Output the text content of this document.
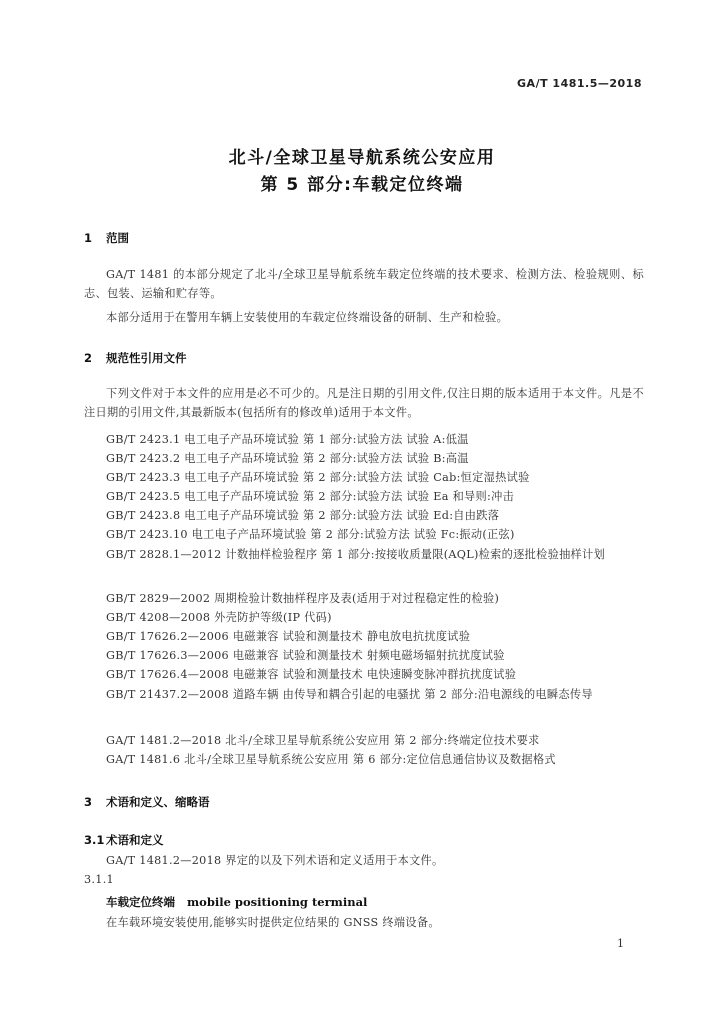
GA/T 1481.5—2018
北斗/全球卫星导航系统公安应用
第 5 部分:车载定位终端
1 范围
GA/T 1481 的本部分规定了北斗/全球卫星导航系统车载定位终端的技术要求、检测方法、检验规则、标志、包装、运输和贮存等。
本部分适用于在警用车辆上安装使用的车载定位终端设备的研制、生产和检验。
2 规范性引用文件
下列文件对于本文件的应用是必不可少的。凡是注日期的引用文件,仅注日期的版本适用于本文件。凡是不注日期的引用文件,其最新版本(包括所有的修改单)适用于本文件。
GB/T 2423.1 电工电子产品环境试验 第 1 部分:试验方法 试验 A:低温
GB/T 2423.2 电工电子产品环境试验 第 2 部分:试验方法 试验 B:高温
GB/T 2423.3 电工电子产品环境试验 第 2 部分:试验方法 试验 Cab:恒定湿热试验
GB/T 2423.5 电工电子产品环境试验 第 2 部分:试验方法 试验 Ea 和导则:冲击
GB/T 2423.8 电工电子产品环境试验 第 2 部分:试验方法 试验 Ed:自由跌落
GB/T 2423.10 电工电子产品环境试验 第 2 部分:试验方法 试验 Fc:振动(正弦)
GB/T 2828.1—2012 计数抽样检验程序 第 1 部分:按接收质量限(AQL)检索的逐批检验抽样计划
GB/T 2829—2002 周期检验计数抽样程序及表(适用于对过程稳定性的检验)
GB/T 4208—2008 外壳防护等级(IP 代码)
GB/T 17626.2—2006 电磁兼容 试验和测量技术 静电放电抗扰度试验
GB/T 17626.3—2006 电磁兼容 试验和测量技术 射频电磁场辐射抗扰度试验
GB/T 17626.4—2008 电磁兼容 试验和测量技术 电快速瞬变脉冲群抗扰度试验
GB/T 21437.2—2008 道路车辆 由传导和耦合引起的电骚扰 第 2 部分:沿电源线的电瞬态传导
GA/T 1481.2—2018 北斗/全球卫星导航系统公安应用 第 2 部分:终端定位技术要求
GA/T 1481.6 北斗/全球卫星导航系统公安应用 第 6 部分:定位信息通信协议及数据格式
3 术语和定义、缩略语
3.1 术语和定义
GA/T 1481.2—2018 界定的以及下列术语和定义适用于本文件。
3.1.1
车载定位终端 mobile positioning terminal
在车载环境安装使用,能够实时提供定位结果的 GNSS 终端设备。
1
